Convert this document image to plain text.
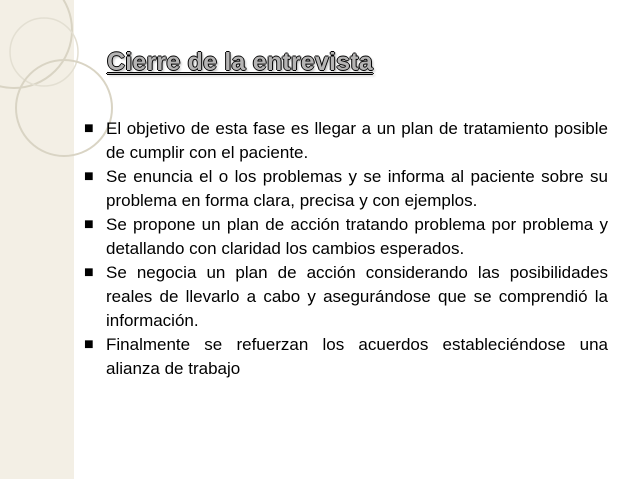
Cierre de la entrevista
■ El objetivo de esta fase es llegar a un plan de tratamiento posible de cumplir con el paciente.
■ Se enuncia el o los problemas y se informa al paciente sobre su problema en forma clara, precisa y con ejemplos.
■ Se propone un plan de acción tratando problema por problema y detallando con claridad los cambios esperados.
■ Se negocia un plan de acción considerando las posibilidades reales de llevarlo a cabo y asegurándose que se comprendió la información.
■ Finalmente se refuerzan los acuerdos estableciéndose una alianza de trabajo
